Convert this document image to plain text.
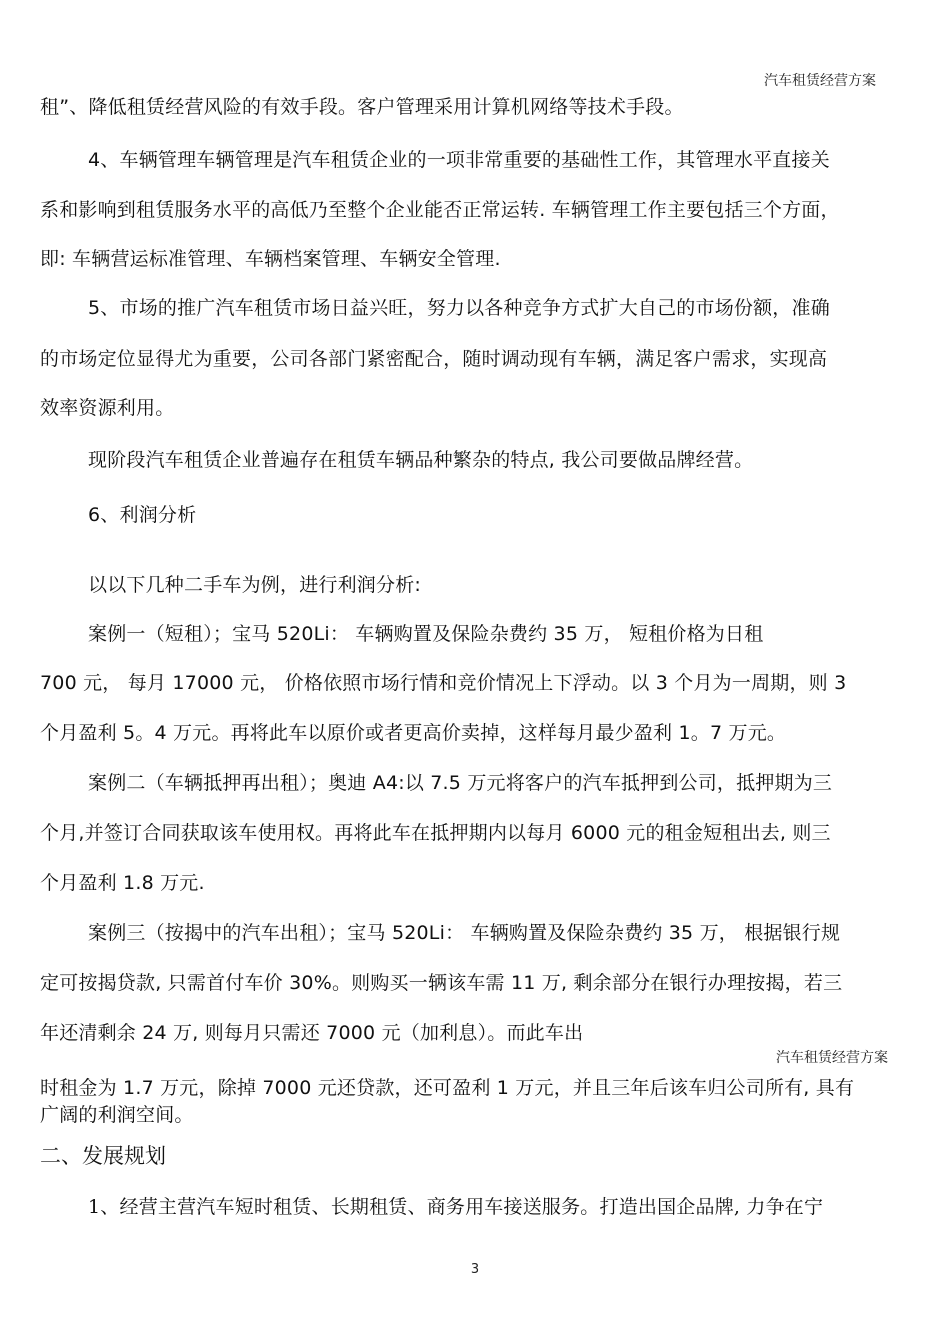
汽车租赁经营方案
租”、降低租赁经营风险的有效手段。客户管理采用计算机网络等技术手段。
4、车辆管理车辆管理是汽车租赁企业的一项非常重要的基础性工作，其管理水平直接关
系和影响到租赁服务水平的高低乃至整个企业能否正常运转. 车辆管理工作主要包括三个方面，
即: 车辆营运标准管理、车辆档案管理、车辆安全管理.
5、市场的推广汽车租赁市场日益兴旺，努力以各种竞争方式扩大自己的市场份额，准确
的市场定位显得尤为重要，公司各部门紧密配合，随时调动现有车辆，满足客户需求，实现高
效率资源利用。
现阶段汽车租赁企业普遍存在租赁车辆品种繁杂的特点, 我公司要做品牌经营。
6、利润分析
以以下几种二手车为例，进行利润分析:
案例一（短租）；宝马 520Li： 车辆购置及保险杂费约 35 万， 短租价格为日租
700 元， 每月 17000 元， 价格依照市场行情和竞价情况上下浮动。以 3 个月为一周期，则 3
个月盈利 5。4 万元。再将此车以原价或者更高价卖掉，这样每月最少盈利 1。7 万元。
案例二（车辆抵押再出租）；奥迪 A4:以 7.5 万元将客户的汽车抵押到公司，抵押期为三
个月,并签订合同获取该车使用权。再将此车在抵押期内以每月 6000 元的租金短租出去, 则三
个月盈利 1.8 万元.
案例三（按揭中的汽车出租）；宝马 520Li： 车辆购置及保险杂费约 35 万， 根据银行规
定可按揭贷款, 只需首付车价 30%。则购买一辆该车需 11 万, 剩余部分在银行办理按揭，若三
年还清剩余 24 万, 则每月只需还 7000 元（加利息）。而此车出
汽车租赁经营方案
时租金为 1.7 万元，除掉 7000 元还贷款，还可盈利 1 万元，并且三年后该车归公司所有, 具有
广阔的利润空间。
二、发展规划
1、经营主营汽车短时租赁、长期租赁、商务用车接送服务。打造出国企品牌, 力争在宁
3
